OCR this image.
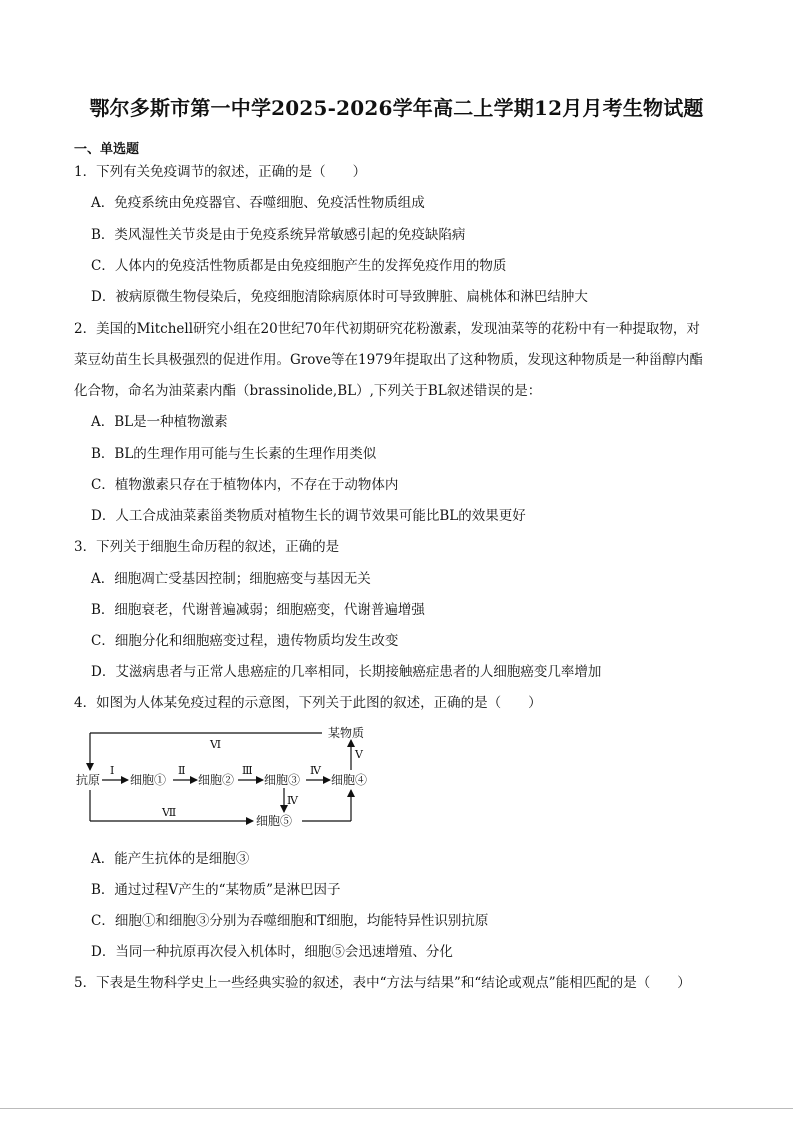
鄂尔多斯市第一中学2025-2026学年高二上学期12月月考生物试题
一、单选题
1．下列有关免疫调节的叙述，正确的是（　　）
A．免疫系统由免疫器官、吞噬细胞、免疫活性物质组成
B．类风湿性关节炎是由于免疫系统异常敏感引起的免疫缺陷病
C．人体内的免疫活性物质都是由免疫细胞产生的发挥免疫作用的物质
D．被病原微生物侵染后，免疫细胞清除病原体时可导致脾脏、扁桃体和淋巴结肿大
2．美国的Mitchell研究小组在20世纪70年代初期研究花粉激素，发现油菜等的花粉中有一种提取物，对
菜豆幼苗生长具极强烈的促进作用。Grove等在1979年提取出了这种物质，发现这种物质是一种甾醇内酯
化合物，命名为油菜素内酯（brassinolide,BL）,下列关于BL叙述错误的是：
A．BL是一种植物激素
B．BL的生理作用可能与生长素的生理作用类似
C．植物激素只存在于植物体内，不存在于动物体内
D．人工合成油菜素甾类物质对植物生长的调节效果可能比BL的效果更好
3．下列关于细胞生命历程的叙述，正确的是
A．细胞凋亡受基因控制；细胞癌变与基因无关
B．细胞衰老，代谢普遍减弱；细胞癌变，代谢普遍增强
C．细胞分化和细胞癌变过程，遗传物质均发生改变
D．艾滋病患者与正常人患癌症的几率相同，长期接触癌症患者的人细胞癌变几率增加
4．如图为人体某免疫过程的示意图，下列关于此图的叙述，正确的是（　　）
某物质
抗原 细胞①	细胞② 细胞③	细胞④
细胞⑤
Ⅵ
Ⅰ	Ⅱ	Ⅲ	Ⅳ
Ⅳ
Ⅴ
Ⅶ
A．能产生抗体的是细胞③
B．通过过程Ⅴ产生的“某物质”是淋巴因子
C．细胞①和细胞③分别为吞噬细胞和T细胞，均能特异性识别抗原
D．当同一种抗原再次侵入机体时，细胞⑤会迅速增殖、分化
5．下表是生物科学史上一些经典实验的叙述，表中“方法与结果”和“结论或观点”能相匹配的是（　　）
